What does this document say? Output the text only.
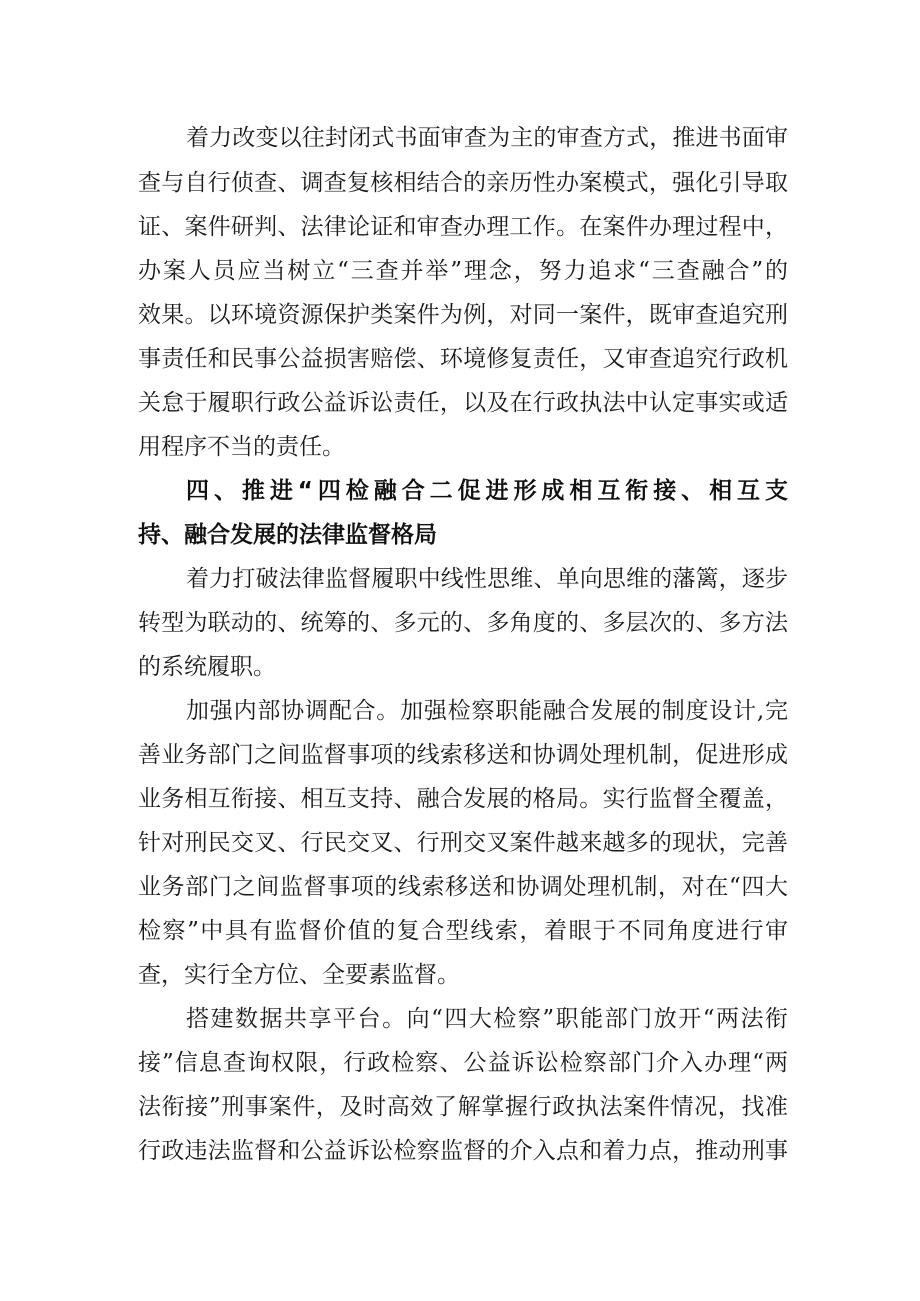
着力改变以往封闭式书面审查为主的审查方式，推进书面审
查与自行侦查、调查复核相结合的亲历性办案模式，强化引导取
证、案件研判、法律论证和审查办理工作。在案件办理过程中，
办案人员应当树立“三查并举”理念，努力追求“三查融合”的
效果。以环境资源保护类案件为例，对同一案件，既审查追究刑
事责任和民事公益损害赔偿、环境修复责任，又审查追究行政机
关怠于履职行政公益诉讼责任，以及在行政执法中认定事实或适
用程序不当的责任。
四、推进“四检融合二促进形成相互衔接、相互支
持、融合发展的法律监督格局
着力打破法律监督履职中线性思维、单向思维的藩篱，逐步
转型为联动的、统筹的、多元的、多角度的、多层次的、多方法
的系统履职。
加强内部协调配合。加强检察职能融合发展的制度设计,完
善业务部门之间监督事项的线索移送和协调处理机制，促进形成
业务相互衔接、相互支持、融合发展的格局。实行监督全覆盖，
针对刑民交叉、行民交叉、行刑交叉案件越来越多的现状，完善
业务部门之间监督事项的线索移送和协调处理机制，对在“四大
检察”中具有监督价值的复合型线索，着眼于不同角度进行审
查，实行全方位、全要素监督。
搭建数据共享平台。向“四大检察”职能部门放开“两法衔
接”信息查询权限，行政检察、公益诉讼检察部门介入办理“两
法衔接”刑事案件，及时高效了解掌握行政执法案件情况，找准
行政违法监督和公益诉讼检察监督的介入点和着力点，推动刑事
